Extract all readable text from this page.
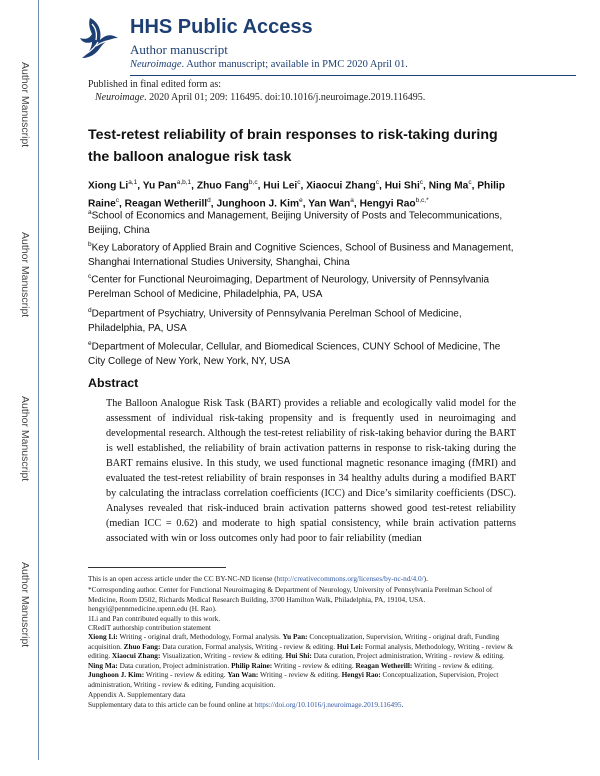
Author Manuscript
Author Manuscript
Author Manuscript
Author Manuscript
HHS Public Access
Author manuscript
Neuroimage. Author manuscript; available in PMC 2020 April 01.
Published in final edited form as:
Neuroimage. 2020 April 01; 209: 116495. doi:10.1016/j.neuroimage.2019.116495.
Test-retest reliability of brain responses to risk-taking during the balloon analogue risk task
Xiong Li$^{a,1}$, Yu Pan$^{a,b,1}$, Zhuo Fang$^{b,c}$, Hui Lei$^c$, Xiaocui Zhang$^c$, Hui Shi$^c$, Ning Ma$^c$, Philip Raine$^c$, Reagan Wetherill$^d$, Junghoon J. Kim$^e$, Yan Wan$^a$, Hengyi Rao$^{b,c,*}$
$^a$School of Economics and Management, Beijing University of Posts and Telecommunications, Beijing, China
$^b$Key Laboratory of Applied Brain and Cognitive Sciences, School of Business and Management, Shanghai International Studies University, Shanghai, China
$^c$Center for Functional Neuroimaging, Department of Neurology, University of Pennsylvania Perelman School of Medicine, Philadelphia, PA, USA
$^d$Department of Psychiatry, University of Pennsylvania Perelman School of Medicine, Philadelphia, PA, USA
$^e$Department of Molecular, Cellular, and Biomedical Sciences, CUNY School of Medicine, The City College of New York, New York, NY, USA
Abstract
The Balloon Analogue Risk Task (BART) provides a reliable and ecologically valid model for the assessment of individual risk-taking propensity and is frequently used in neuroimaging and developmental research. Although the test-retest reliability of risk-taking behavior during the BART is well established, the reliability of brain activation patterns in response to risk-taking during the BART remains elusive. In this study, we used functional magnetic resonance imaging (fMRI) and evaluated the test-retest reliability of brain responses in 34 healthy adults during a modified BART by calculating the intraclass correlation coefficients (ICC) and Dice’s similarity coefficients (DSC). Analyses revealed that risk-induced brain activation patterns showed good test-retest reliability (median ICC = 0.62) and moderate to high spatial consistency, while brain activation patterns associated with win or loss outcomes only had poor to fair reliability (median
This is an open access article under the CC BY-NC-ND license (http://creativecommons.org/licenses/by-nc-nd/4.0/).
*Corresponding author. Center for Functional Neuroimaging & Department of Neurology, University of Pennsylvania Perelman School of Medicine, Room D502, Richards Medical Research Building, 3700 Hamilton Walk, Philadelphia, PA, 19104, USA. hengyi@pennmedicine.upenn.edu (H. Rao).
1Li and Pan contributed equally to this work.
CRediT authorship contribution statement
Xiong Li: Writing - original draft, Methodology, Formal analysis. Yu Pan: Conceptualization, Supervision, Writing - original draft, Funding acquisition. Zhuo Fang: Data curation, Formal analysis, Writing - review & editing. Hui Lei: Formal analysis, Methodology, Writing - review & editing. Xiaocui Zhang: Visualization, Writing - review & editing. Hui Shi: Data curation, Project administration, Writing - review & editing. Ning Ma: Data curation, Project administration. Philip Raine: Writing - review & editing. Reagan Wetherill: Writing - review & editing. Junghoon J. Kim: Writing - review & editing. Yan Wan: Writing - review & editing. Hengyi Rao: Conceptualization, Supervision, Project administration, Writing - review & editing, Funding acquisition.
Appendix A. Supplementary data
Supplementary data to this article can be found online at https://doi.org/10.1016/j.neuroimage.2019.116495.
